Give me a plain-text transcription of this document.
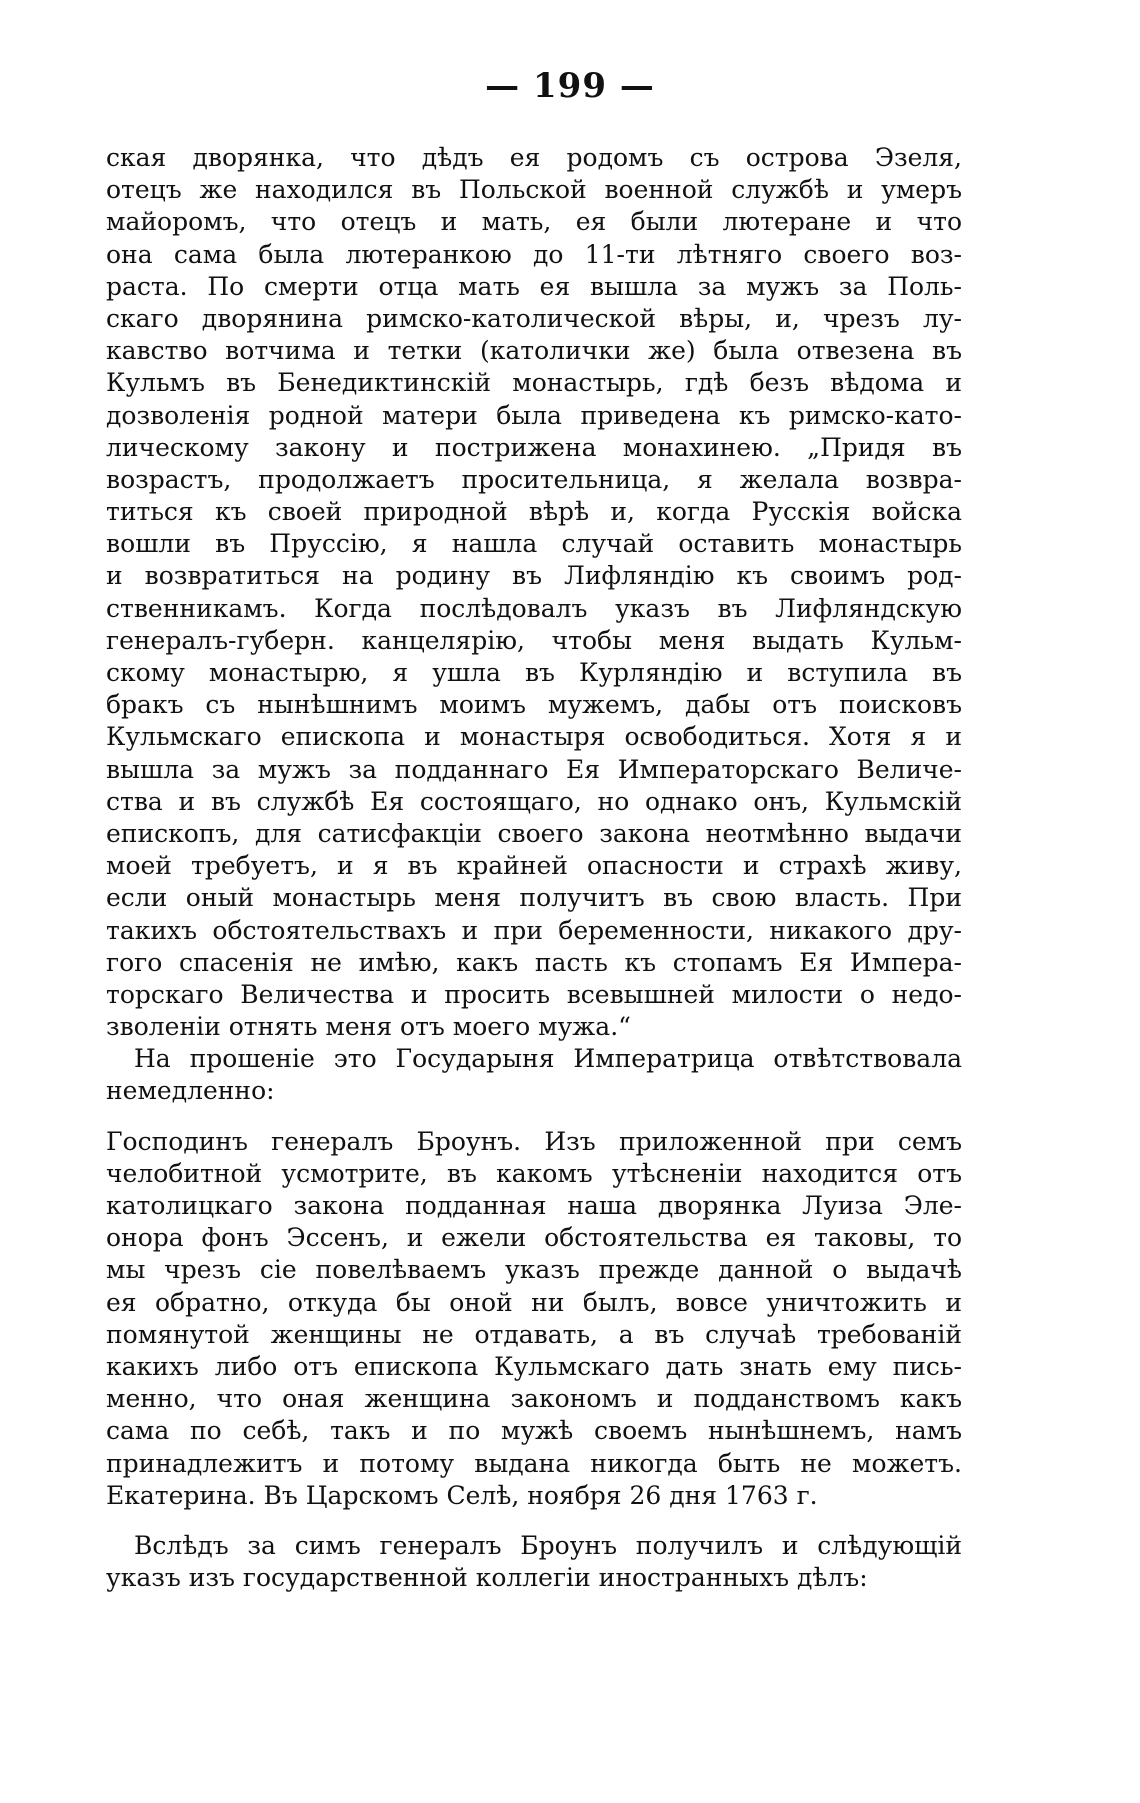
— 199 —
ская дворянка, что дѣдъ ея родомъ съ острова Эзеля,
отецъ же находился въ Польской военной службѣ и умеръ
майоромъ, что отецъ и мать, ея были лютеране и что
она сама была лютеранкою до 11-ти лѣтняго своего воз-
раста. По смерти отца мать ея вышла за мужъ за Поль-
скаго дворянина римско-католической вѣры, и, чрезъ лу-
кавство вотчима и тетки (католички же) была отвезена въ
Кульмъ въ Бенедиктинскій монастырь, гдѣ безъ вѣдома и
дозволенія родной матери была приведена къ римско-като-
лическому закону и пострижена монахинею. „Придя въ
возрастъ, продолжаетъ просительница, я желала возвра-
титься къ своей природной вѣрѣ и, когда Русскія войска
вошли въ Пруссію, я нашла случай оставить монастырь
и возвратиться на родину въ Лифляндію къ своимъ род-
ственникамъ. Когда послѣдовалъ указъ въ Лифляндскую
генералъ-губерн. канцелярію, чтобы меня выдать Кульм-
скому монастырю, я ушла въ Курляндію и вступила въ
бракъ съ нынѣшнимъ моимъ мужемъ, дабы отъ поисковъ
Кульмскаго епископа и монастыря освободиться. Хотя я и
вышла за мужъ за подданнаго Ея Императорскаго Величе-
ства и въ службѣ Ея состоящаго, но однако онъ, Кульмскій
епископъ, для сатисфакціи своего закона неотмѣнно выдачи
моей требуетъ, и я въ крайней опасности и страхѣ живу,
если оный монастырь меня получитъ въ свою власть. При
такихъ обстоятельствахъ и при беременности, никакого дру-
гого спасенія не имѣю, какъ пасть къ стопамъ Ея Импера-
торскаго Величества и просить всевышней милости о недо-
зволеніи отнять меня отъ моего мужа.“
На прошеніе это Государыня Императрица отвѣтствовала
немедленно:
Господинъ генералъ Броунъ. Изъ приложенной при семъ
челобитной усмотрите, въ какомъ утѣсненіи находится отъ
католицкаго закона подданная наша дворянка Луиза Эле-
онора фонъ Эссенъ, и ежели обстоятельства ея таковы, то
мы чрезъ сіе повелѣваемъ указъ прежде данной о выдачѣ
ея обратно, откуда бы оной ни былъ, вовсе уничтожить и
помянутой женщины не отдавать, а въ случаѣ требованій
какихъ либо отъ епископа Кульмскаго дать знать ему пись-
менно, что оная женщина закономъ и подданствомъ какъ
сама по себѣ, такъ и по мужѣ своемъ нынѣшнемъ, намъ
принадлежитъ и потому выдана никогда быть не можетъ.
Екатерина. Въ Царскомъ Селѣ, ноября 26 дня 1763 г.
Вслѣдъ за симъ генералъ Броунъ получилъ и слѣдующій
указъ изъ государственной коллегіи иностранныхъ дѣлъ:
